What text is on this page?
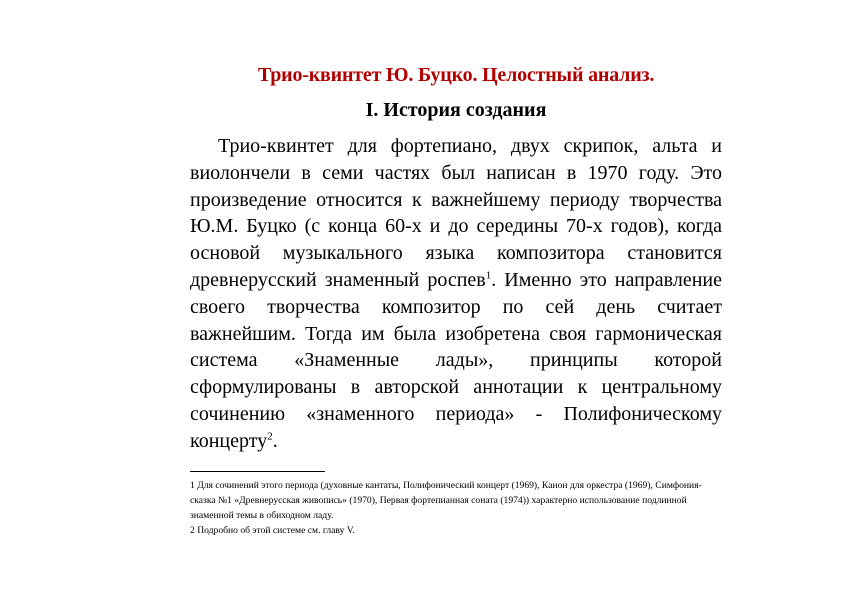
Трио-квинтет Ю. Буцко. Целостный анализ.
I. История создания

Трио-квинтет для фортепиано, двух скрипок, альта и виолончели в семи частях был написан в 1970 году. Это произведение относится к важнейшему периоду творчества Ю.М. Буцко (с конца 60-х и до середины 70-х годов), когда основой музыкального языка композитора становится древнерусский знаменный роспев$^1$. Именно это направление своего творчества композитор по сей день считает важнейшим. Тогда им была изобретена своя гармоническая система «Знаменные лады», принципы которой сформулированы в авторской аннотации к центральному сочинению «знаменного периода» - Полифоническому концерту$^2$.

1 Для сочинений этого периода (духовные кантаты, Полифонический концерт (1969), Канон для оркестра (1969), Симфония-сказка №1 «Древнерусская живопись» (1970), Первая фортепианная соната (1974)) характерно использование подлинной знаменной темы в обиходном ладу.
2 Подробно об этой системе см. главу V.
